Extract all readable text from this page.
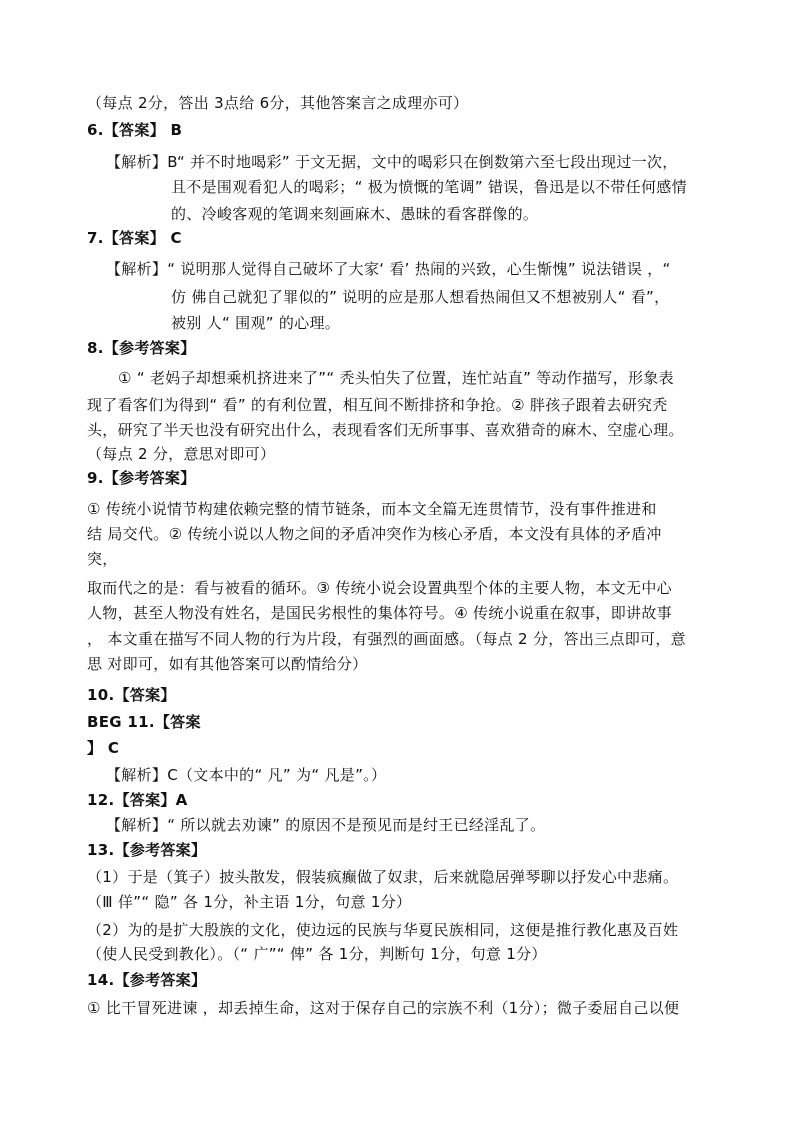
（每点 2分，答出 3点给 6分，其他答案言之成理亦可）
6.【答案】 B
【解析】B“ 并不时地喝彩” 于文无据，文中的喝彩只在倒数第六至七段出现过一次，
且不是围观看犯人的喝彩；“ 极为愤慨的笔调” 错误，鲁迅是以不带任何感情
的、冷峻客观的笔调来刻画麻木、愚昧的看客群像的。
7.【答案】 C
【解析】“ 说明那人觉得自己破坏了大家‘ 看’ 热闹的兴致，心生惭愧” 说法错误 ，“
仿 佛自己就犯了罪似的” 说明的应是那人想看热闹但又不想被别人“ 看”，
被别 人“ 围观” 的心理。
8.【参考答案】
① “ 老妈子却想乘机挤进来了”“ 秃头怕失了位置，连忙站直” 等动作描写，形象表
现了看客们为得到“ 看” 的有利位置，相互间不断排挤和争抢。② 胖孩子跟着去研究秃
头，研究了半天也没有研究出什么，表现看客们无所事事、喜欢猎奇的麻木、空虚心理。
（每点 2 分，意思对即可）
9.【参考答案】
① 传统小说情节构建依赖完整的情节链条，而本文全篇无连贯情节，没有事件推进和
结 局交代。② 传统小说以人物之间的矛盾冲突作为核心矛盾，本文没有具体的矛盾冲
突，
取而代之的是：看与被看的循环。③ 传统小说会设置典型个体的主要人物，本文无中心
人物，甚至人物没有姓名，是国民劣根性的集体符号。④ 传统小说重在叙事，即讲故事
， 本文重在描写不同人物的行为片段，有强烈的画面感。（每点 2 分，答出三点即可，意
思 对即可，如有其他答案可以酌情给分）
10.【答案】
BEG 11.【答案
】 C
【解析】C（文本中的“ 凡” 为“ 凡是”。）
12.【答案】A
【解析】“ 所以就去劝谏” 的原因不是预见而是纣王已经淫乱了。
13.【参考答案】
（1）于是（箕子）披头散发，假装疯癫做了奴隶，后来就隐居弹琴聊以抒发心中悲痛。
（Ⅲ 佯”“ 隐” 各 1分，补主语 1分，句意 1分）
（2）为的是扩大殷族的文化，使边远的民族与华夏民族相同，这便是推行教化惠及百姓
（使人民受到教化）。（“ 广”“ 俾” 各 1分，判断句 1分，句意 1分）
14.【参考答案】
① 比干冒死进谏 ，却丢掉生命，这对于保存自己的宗族不利（1分）；微子委屈自己以便
